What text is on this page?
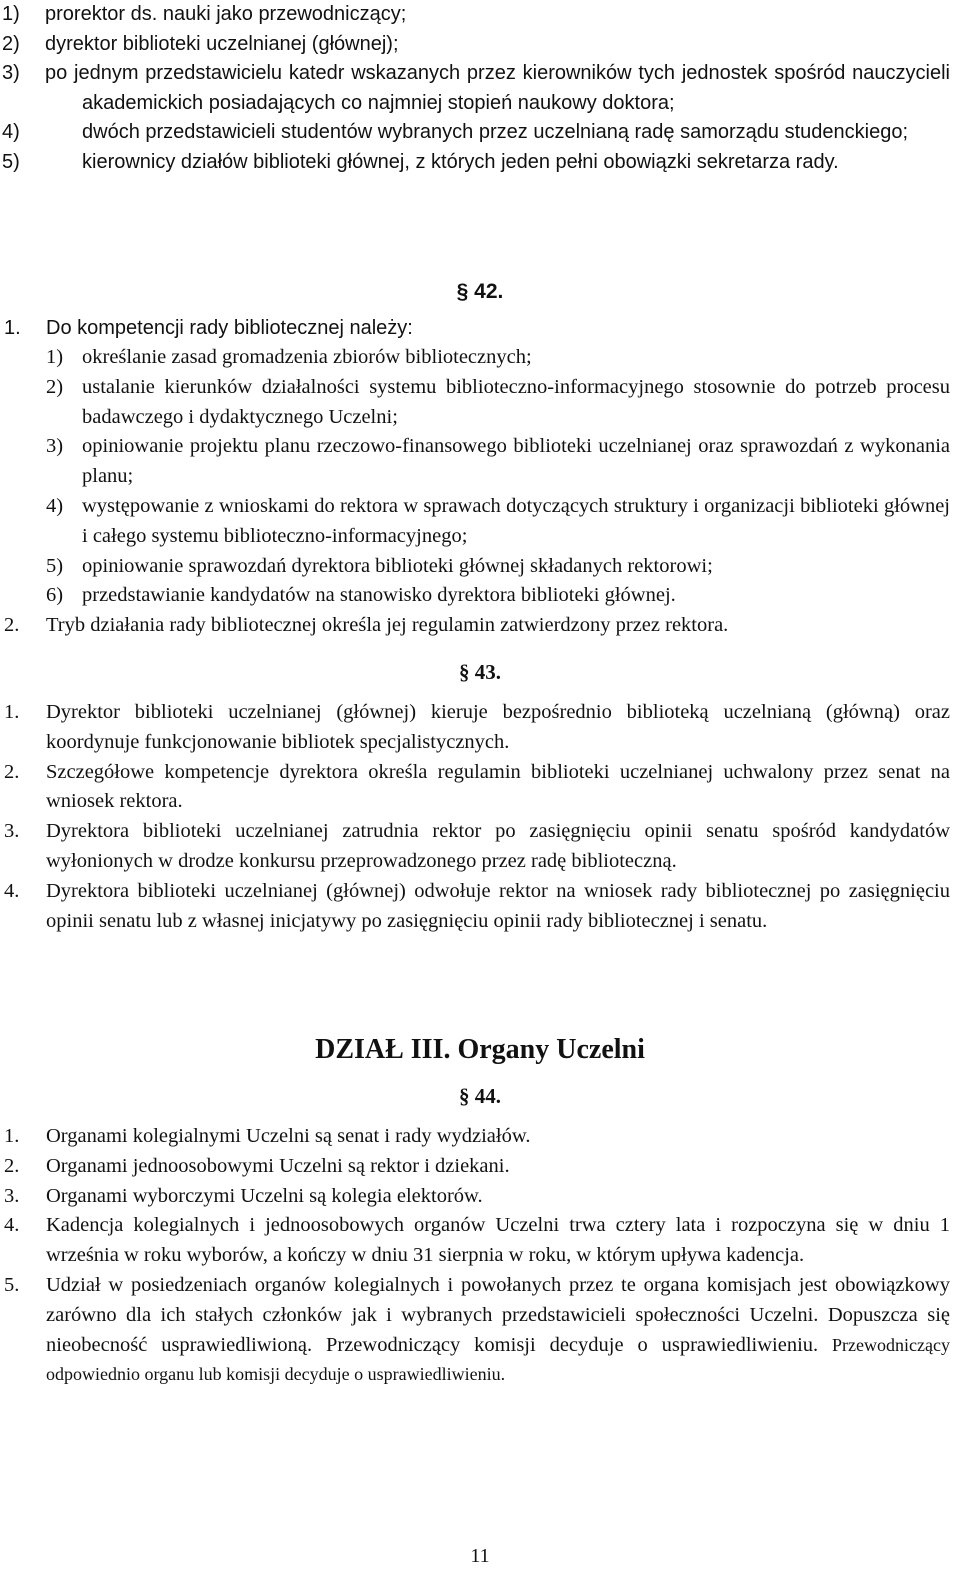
1) prorektor ds. nauki jako przewodniczący;
2) dyrektor biblioteki uczelnianej (głównej);
3) po jednym przedstawicielu katedr wskazanych przez kierowników tych jednostek spośród nauczycieli akademickich posiadających co najmniej stopień naukowy doktora;
4)	dwóch przedstawicieli studentów wybranych przez uczelnianą radę samorządu studenckiego;
5)	kierownicy działów biblioteki głównej, z których jeden pełni obowiązki sekretarza rady.
§ 42.
1. Do kompetencji rady bibliotecznej należy:
1) określanie zasad gromadzenia zbiorów bibliotecznych;
2) ustalanie kierunków działalności systemu biblioteczno-informacyjnego stosownie do potrzeb procesu badawczego i dydaktycznego Uczelni;
3) opiniowanie projektu planu rzeczowo-finansowego biblioteki uczelnianej oraz sprawozdań z wykonania planu;
4) występowanie z wnioskami do rektora w sprawach dotyczących struktury i organizacji biblioteki głównej i całego systemu biblioteczno-informacyjnego;
5) opiniowanie sprawozdań dyrektora biblioteki głównej składanych rektorowi;
6) przedstawianie kandydatów na stanowisko dyrektora biblioteki głównej.
2. Tryb działania rady bibliotecznej określa jej regulamin zatwierdzony przez rektora.
§ 43.
1. Dyrektor biblioteki uczelnianej (głównej) kieruje bezpośrednio biblioteką uczelnianą (główną) oraz koordynuje funkcjonowanie bibliotek specjalistycznych.
2. Szczegółowe kompetencje dyrektora określa regulamin biblioteki uczelnianej uchwalony przez senat na wniosek rektora.
3. Dyrektora biblioteki uczelnianej zatrudnia rektor po zasięgnięciu opinii senatu spośród kandydatów wyłonionych w drodze konkursu przeprowadzonego przez radę biblioteczną.
4. Dyrektora biblioteki uczelnianej (głównej) odwołuje rektor na wniosek rady bibliotecznej po zasięgnięciu opinii senatu lub z własnej inicjatywy po zasięgnięciu opinii rady bibliotecznej i senatu.
DZIAŁ III. Organy Uczelni
§ 44.
1. Organami kolegialnymi Uczelni są senat i rady wydziałów.
2. Organami jednoosobowymi Uczelni są rektor i dziekani.
3. Organami wyborczymi Uczelni są kolegia elektorów.
4. Kadencja kolegialnych i jednoosobowych organów Uczelni trwa cztery lata i rozpoczyna się w dniu 1 września w roku wyborów, a kończy w dniu 31 sierpnia w roku, w którym upływa kadencja.
5. Udział w posiedzeniach organów kolegialnych i powołanych przez te organa komisjach jest obowiązkowy zarówno dla ich stałych członków jak i wybranych przedstawicieli społeczności Uczelni. Dopuszcza się nieobecność usprawiedliwioną. Przewodniczący komisji decyduje o usprawiedliwieniu. Przewodniczący odpowiednio organu lub komisji decyduje o usprawiedliwieniu.
11
